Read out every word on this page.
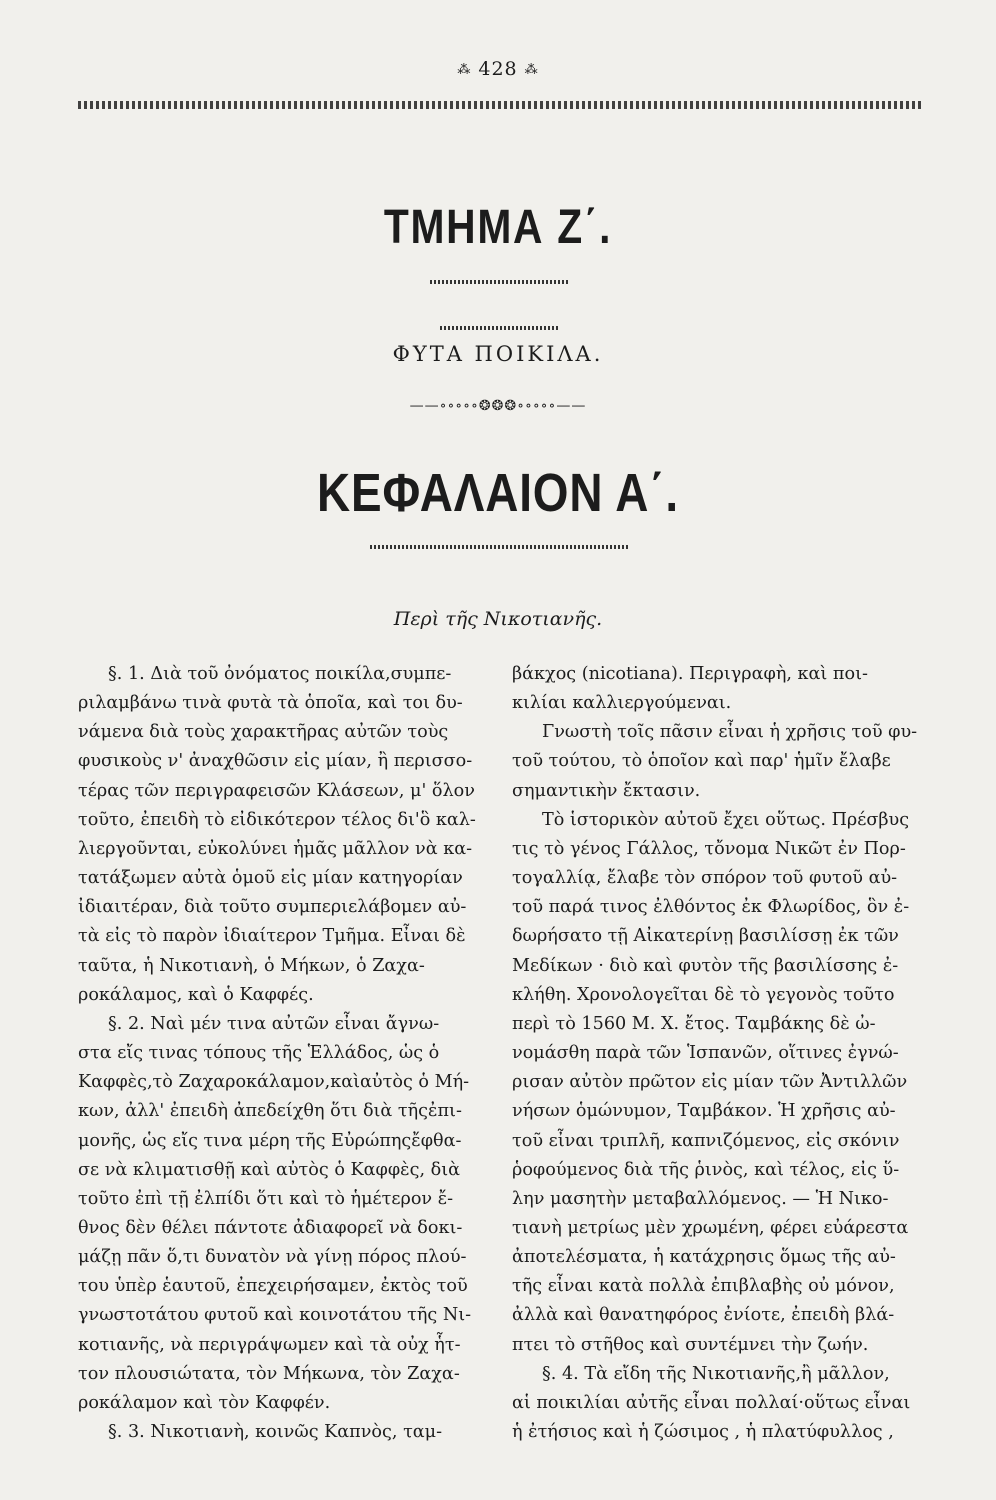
⁂ 428 ⁂
ΤΜΗΜΑ Ζ΄.
ΦΥΤΑ ΠΟΙΚΙΛΑ.
——∘∘∘∘∘❂❂❂∘∘∘∘∘——
ΚΕΦΑΛΑΙΟΝ Α΄.
Περὶ τῆς Νικοτιανῆς.

§. 1. Διὰ τοῦ ὀνόματος ποικίλα,συμπε-

ριλαμβάνω τινὰ φυτὰ τὰ ὁποῖα, καὶ τοι δυ-

νάμενα διὰ τοὺς χαρακτῆρας αὐτῶν τοὺς

φυσικοὺς ν' ἀναχθῶσιν εἰς μίαν, ἢ περισσο-

τέρας τῶν περιγραφεισῶν Κλάσεων, μ' ὅλον

τοῦτο, ἐπειδὴ τὸ εἰδικότερον τέλος δι'ὃ καλ-

λιεργοῦνται, εὐκολύνει ἡμᾶς μᾶλλον νὰ κα-

τατάξωμεν αὐτὰ ὁμοῦ εἰς μίαν κατηγορίαν

ἰδιαιτέραν, διὰ τοῦτο συμπεριελάβομεν αὐ-

τὰ εἰς τὸ παρὸν ἰδιαίτερον Τμῆμα. Εἶναι δὲ

ταῦτα, ἡ Νικοτιανὴ, ὁ Μήκων, ὁ Ζαχα-

ροκάλαμος, καὶ ὁ Καφφές.

§. 2. Ναὶ μέν τινα αὐτῶν εἶναι ἄγνω-

στα εἴς τινας τόπους τῆς Ἑλλάδος, ὡς ὁ

Καφφὲς,τὸ Ζαχαροκάλαμον,καὶαὐτὸς ὁ Μή-

κων, ἀλλ' ἐπειδὴ ἀπεδείχθη ὅτι διὰ τῆςἐπι-

μονῆς, ὡς εἴς τινα μέρη τῆς Εὐρώπηςἔφθα-

σε νὰ κλιματισθῇ καὶ αὐτὸς ὁ Καφφὲς, διὰ

τοῦτο ἐπὶ τῇ ἐλπίδι ὅτι καὶ τὸ ἡμέτερον ἔ-

θνος δὲν θέλει πάντοτε ἀδιαφορεῖ νὰ δοκι-

μάζῃ πᾶν ὅ,τι δυνατὸν νὰ γίνῃ πόρος πλού-

του ὑπὲρ ἑαυτοῦ, ἐπεχειρήσαμεν, ἐκτὸς τοῦ

γνωστοτάτου φυτοῦ καὶ κοινοτάτου τῆς Νι-

κοτιανῆς, νὰ περιγράψωμεν καὶ τὰ οὐχ ἧτ-

τον πλουσιώτατα, τὸν Μήκωνα, τὸν Ζαχα-

ροκάλαμον καὶ τὸν Καφφέν.

§. 3. Νικοτιανὴ, κοινῶς Καπνὸς, ταμ-

βάκχος (nicotiana). Περιγραφὴ, καὶ ποι-

κιλίαι καλλιεργούμεναι.

Γνωστὴ τοῖς πᾶσιν εἶναι ἡ χρῆσις τοῦ φυ-

τοῦ τούτου, τὸ ὁποῖον καὶ παρ' ἡμῖν ἔλαβε

σημαντικὴν ἔκτασιν.

Τὸ ἱστορικὸν αὐτοῦ ἔχει οὕτως. Πρέσβυς

τις τὸ γένος Γάλλος, τὄνομα Νικῶτ ἐν Πορ-

τογαλλίᾳ, ἔλαβε τὸν σπόρον τοῦ φυτοῦ αὐ-

τοῦ παρά τινος ἐλθόντος ἐκ Φλωρίδος, ὃν ἐ-

δωρήσατο τῇ Αἰκατερίνῃ βασιλίσσῃ ἐκ τῶν

Μεδίκων · διὸ καὶ φυτὸν τῆς βασιλίσσης ἐ-

κλήθη. Χρονολογεῖται δὲ τὸ γεγονὸς τοῦτο

περὶ τὸ 1560 Μ. Χ. ἔτος. Ταμβάκης δὲ ὠ-

νομάσθη παρὰ τῶν Ἱσπανῶν, οἵτινες ἐγνώ-

ρισαν αὐτὸν πρῶτον εἰς μίαν τῶν Ἀντιλλῶν

νήσων ὁμώνυμον, Ταμβάκον. Ἡ χρῆσις αὐ-

τοῦ εἶναι τριπλῆ, καπνιζόμενος, εἰς σκόνιν

ῥοφούμενος διὰ τῆς ῥινὸς, καὶ τέλος, εἰς ὕ-

λην μασητὴν μεταβαλλόμενος. — Ἡ Νικο-

τιανὴ μετρίως μὲν χρωμένη, φέρει εὐάρεστα

ἀποτελέσματα, ἡ κατάχρησις ὅμως τῆς αὐ-

τῆς εἶναι κατὰ πολλὰ ἐπιβλαβὴς οὐ μόνον,

ἀλλὰ καὶ θανατηφόρος ἐνίοτε, ἐπειδὴ βλά-

πτει τὸ στῆθος καὶ συντέμνει τὴν ζωήν.

§. 4. Τὰ εἴδη τῆς Νικοτιανῆς,ἢ μᾶλλον,

αἱ ποικιλίαι αὐτῆς εἶναι πολλαί·οὕτως εἶναι

ἡ ἐτήσιος καὶ ἡ ζώσιμος , ἡ πλατύφυλλος ,
